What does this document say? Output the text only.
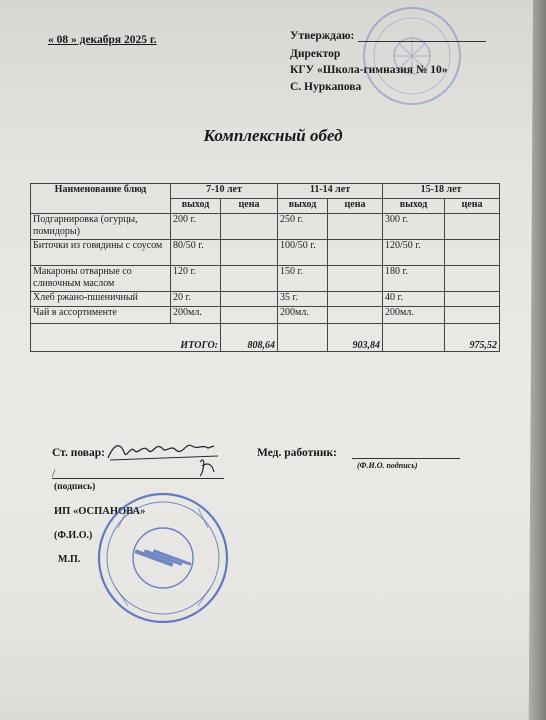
« 08 » декабря 2025 г.	Утверждаю:
Директор
КГУ «Школа-гимназия № 10»
С. Нуркапова
Комплексный обед
Наименование блюд	7-10 лет		11-14 лет		15-18 лет	
	выход	цена	выход	цена	выход	цена
Подгарнировка (огурцы, помидоры)	200 г.		250 г.		300 г.	
Биточки из говядины с соусом	80/50 г.		100/50 г.		120/50 г.	
Макароны отварные со сливочным маслом	120 г.		150 г.		180 г.	
Хлеб ржано-пшеничный	20 г.		35 г.		40 г.	
Чай в ассортименте	200мл.		200мл.		200мл.	
ИТОГО:		808,64		903,84		975,52
Ст. повар:	Мед. работник:
(Ф.И.О. подпись)
/
(подпись)
ИП «ОСПАНОВА»
(Ф.И.О.)
М.П.
